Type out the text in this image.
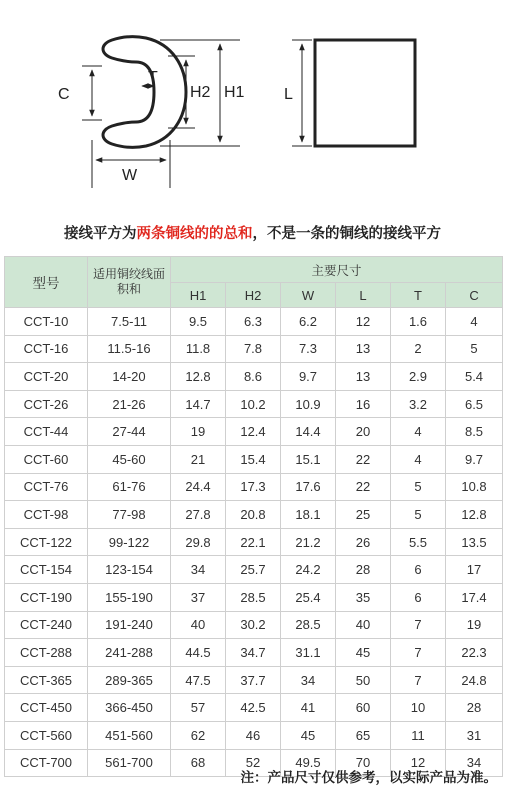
C
T
H2 H1
W
L
接线平方为两条铜线的的总和，不是一条的铜线的接线平方
型号	适用铜绞线面积和	主要尺寸					
		H1	H2	W	L	T	C
CCT-10	7.5-11	9.5	6.3	6.2	12	1.6	4
CCT-16	11.5-16	11.8	7.8	7.3	13	2	5
CCT-20	14-20	12.8	8.6	9.7	13	2.9	5.4
CCT-26	21-26	14.7	10.2	10.9	16	3.2	6.5
CCT-44	27-44	19	12.4	14.4	20	4	8.5
CCT-60	45-60	21	15.4	15.1	22	4	9.7
CCT-76	61-76	24.4	17.3	17.6	22	5	10.8
CCT-98	77-98	27.8	20.8	18.1	25	5	12.8
CCT-122	99-122	29.8	22.1	21.2	26	5.5	13.5
CCT-154	123-154	34	25.7	24.2	28	6	17
CCT-190	155-190	37	28.5	25.4	35	6	17.4
CCT-240	191-240	40	30.2	28.5	40	7	19
CCT-288	241-288	44.5	34.7	31.1	45	7	22.3
CCT-365	289-365	47.5	37.7	34	50	7	24.8
CCT-450	366-450	57	42.5	41	60	10	28
CCT-560	451-560	62	46	45	65	11	31
CCT-700	561-700	68	52	49.5	70	12	34
注：产品尺寸仅供参考，以实际产品为准。
